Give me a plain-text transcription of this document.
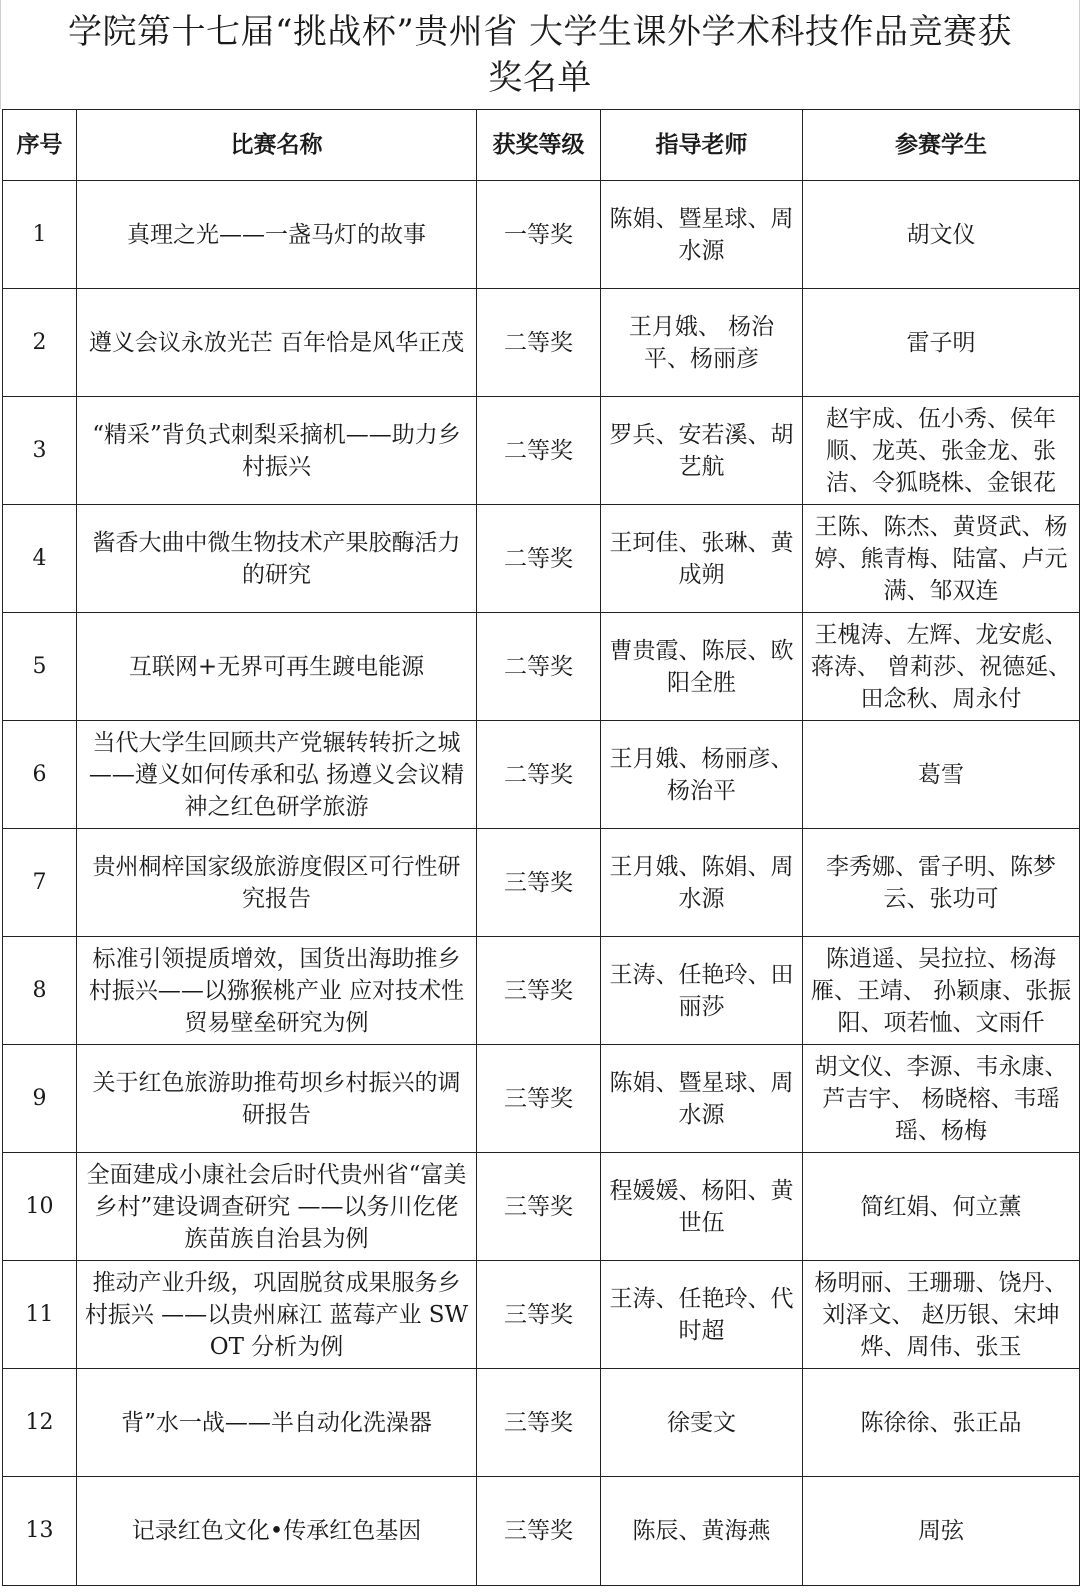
学院第十七届“挑战杯”贵州省 大学生课外学术科技作品竞赛获
奖名单
序号	比赛名称	获奖等级	指导老师	参赛学生
1	真理之光——一盏马灯的故事	一等奖	陈娟、暨星球、周水源	胡文仪
2	遵义会议永放光芒 百年恰是风华正茂	二等奖	王月娥、 杨治平、杨丽彦	雷子明
3	“精采”背负式刺梨采摘机——助力乡村振兴	二等奖	罗兵、安若溪、胡艺航	赵宇成、伍小秀、侯年顺、龙英、张金龙、张洁、令狐晓株、金银花
4	酱香大曲中微生物技术产果胶酶活力的研究	二等奖	王珂佳、张琳、黄成朔	王陈、陈杰、黄贤武、杨婷、熊青梅、陆富、卢元满、邹双连
5	互联网+无界可再生踱电能源	二等奖	曹贵霞、陈辰、欧阳全胜	王槐涛、左辉、龙安彪、蒋涛、 曾莉莎、祝德延、田念秋、周永付
6	当代大学生回顾共产党辗转转折之城——遵义如何传承和弘 扬遵义会议精神之红色研学旅游	二等奖	王月娥、杨丽彦、 杨治平	葛雪
7	贵州桐梓国家级旅游度假区可行性研究报告	三等奖	王月娥、陈娟、周水源	李秀娜、雷子明、陈梦云、张功可
8	标准引领提质增效，国货出海助推乡村振兴——以猕猴桃产业 应对技术性贸易壁垒研究为例	三等奖	王涛、任艳玲、田丽莎	陈逍遥、吴拉拉、杨海雁、王靖、 孙颖康、张振阳、项若恤、文雨仟

9	关于红色旅游助推苟坝乡村振兴的调研报告	三等奖	陈娟、暨星球、周水源	胡文仪、李源、韦永康、芦吉宇、 杨晓榕、韦瑶瑶、杨梅
10	全面建成小康社会后时代贵州省“富美乡村”建设调查研究 ——以务川仡佬族苗族自治县为例	三等奖	程媛媛、杨阳、黄世伍	简红娟、何立薰
11	推动产业升级，巩固脱贫成果服务乡村振兴 ——以贵州麻江 蓝莓产业 SWOT 分析为例	三等奖	王涛、任艳玲、代时超	杨明丽、王珊珊、饶丹、刘泽文、 赵历银、宋坤烨、周伟、张玉
12	背”水一战——半自动化洗澡器	三等奖	徐雯文	陈徐徐、张正品
13	记录红色文化•传承红色基因	三等奖	陈辰、黄海燕	周弦
